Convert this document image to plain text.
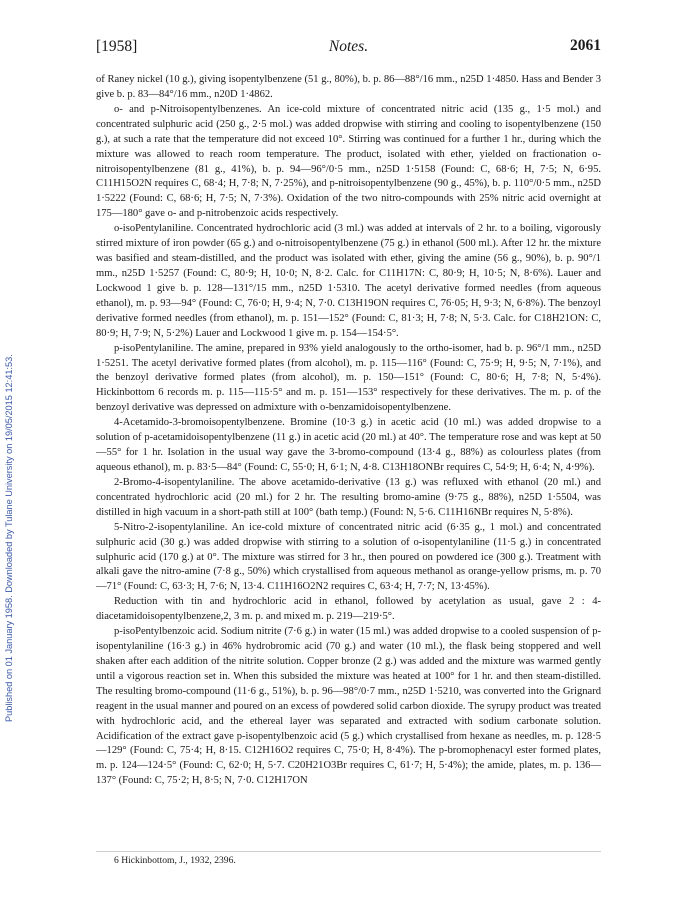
Published on 01 January 1958. Downloaded by Tulane University on 19/05/2015 12:41:53.
[1958]	Notes.	2061

of Raney nickel (10 g.), giving isopentylbenzene (51 g., 80%), b. p. 86—88°/16 mm., n25D 1·4850. Hass and Bender 3 give b. p. 83—84°/16 mm., n20D 1·4862.

o- and p-Nitroisopentylbenzenes. An ice-cold mixture of concentrated nitric acid (135 g., 1·5 mol.) and concentrated sulphuric acid (250 g., 2·5 mol.) was added dropwise with stirring and cooling to isopentylbenzene (150 g.), at such a rate that the temperature did not exceed 10°. Stirring was continued for a further 1 hr., during which the mixture was allowed to reach room temperature. The product, isolated with ether, yielded on fractionation o-nitroisopentylbenzene (81 g., 41%), b. p. 94—96°/0·5 mm., n25D 1·5158 (Found: C, 68·6; H, 7·5; N, 6·95. C11H15O2N requires C, 68·4; H, 7·8; N, 7·25%), and p-nitroisopentylbenzene (90 g., 45%), b. p. 110°/0·5 mm., n25D 1·5222 (Found: C, 68·6; H, 7·5; N, 7·3%). Oxidation of the two nitro-compounds with 25% nitric acid overnight at 175—180° gave o- and p-nitrobenzoic acids respectively.

o-isoPentylaniline. Concentrated hydrochloric acid (3 ml.) was added at intervals of 2 hr. to a boiling, vigorously stirred mixture of iron powder (65 g.) and o-nitroisopentylbenzene (75 g.) in ethanol (500 ml.). After 12 hr. the mixture was basified and steam-distilled, and the product was isolated with ether, giving the amine (56 g., 90%), b. p. 90°/1 mm., n25D 1·5257 (Found: C, 80·9; H, 10·0; N, 8·2. Calc. for C11H17N: C, 80·9; H, 10·5; N, 8·6%). Lauer and Lockwood 1 give b. p. 128—131°/15 mm., n25D 1·5310. The acetyl derivative formed needles (from aqueous ethanol), m. p. 93—94° (Found: C, 76·0; H, 9·4; N, 7·0. C13H19ON requires C, 76·05; H, 9·3; N, 6·8%). The benzoyl derivative formed needles (from ethanol), m. p. 151—152° (Found: C, 81·3; H, 7·8; N, 5·3. Calc. for C18H21ON: C, 80·9; H, 7·9; N, 5·2%) Lauer and Lockwood 1 give m. p. 154—154·5°.

p-isoPentylaniline. The amine, prepared in 93% yield analogously to the ortho-isomer, had b. p. 96°/1 mm., n25D 1·5251. The acetyl derivative formed plates (from alcohol), m. p. 115—116° (Found: C, 75·9; H, 9·5; N, 7·1%), and the benzoyl derivative formed plates (from alcohol), m. p. 150—151° (Found: C, 80·6; H, 7·8; N, 5·4%). Hickinbottom 6 records m. p. 115—115·5° and m. p. 151—153° respectively for these derivatives. The m. p. of the benzoyl derivative was depressed on admixture with o-benzamidoisopentylbenzene.

4-Acetamido-3-bromoisopentylbenzene. Bromine (10·3 g.) in acetic acid (10 ml.) was added dropwise to a solution of p-acetamidoisopentylbenzene (11 g.) in acetic acid (20 ml.) at 40°. The temperature rose and was kept at 50—55° for 1 hr. Isolation in the usual way gave the 3-bromo-compound (13·4 g., 88%) as colourless plates (from aqueous ethanol), m. p. 83·5—84° (Found: C, 55·0; H, 6·1; N, 4·8. C13H18ONBr requires C, 54·9; H, 6·4; N, 4·9%).

2-Bromo-4-isopentylaniline. The above acetamido-derivative (13 g.) was refluxed with ethanol (20 ml.) and concentrated hydrochloric acid (20 ml.) for 2 hr. The resulting bromo-amine (9·75 g., 88%), n25D 1·5504, was distilled in high vacuum in a short-path still at 100° (bath temp.) (Found: N, 5·6. C11H16NBr requires N, 5·8%).

5-Nitro-2-isopentylaniline. An ice-cold mixture of concentrated nitric acid (6·35 g., 1 mol.) and concentrated sulphuric acid (30 g.) was added dropwise with stirring to a solution of o-isopentylaniline (11·5 g.) in concentrated sulphuric acid (170 g.) at 0°. The mixture was stirred for 3 hr., then poured on powdered ice (300 g.). Treatment with alkali gave the nitro-amine (7·8 g., 50%) which crystallised from aqueous methanol as orange-yellow prisms, m. p. 70—71° (Found: C, 63·3; H, 7·6; N, 13·4. C11H16O2N2 requires C, 63·4; H, 7·7; N, 13·45%).

Reduction with tin and hydrochloric acid in ethanol, followed by acetylation as usual, gave 2 : 4-diacetamidoisopentylbenzene,2, 3 m. p. and mixed m. p. 219—219·5°.

p-isoPentylbenzoic acid. Sodium nitrite (7·6 g.) in water (15 ml.) was added dropwise to a cooled suspension of p-isopentylaniline (16·3 g.) in 46% hydrobromic acid (70 g.) and water (10 ml.), the flask being stoppered and well shaken after each addition of the nitrite solution. Copper bronze (2 g.) was added and the mixture was warmed gently until a vigorous reaction set in. When this subsided the mixture was heated at 100° for 1 hr. and then steam-distilled. The resulting bromo-compound (11·6 g., 51%), b. p. 96—98°/0·7 mm., n25D 1·5210, was converted into the Grignard reagent in the usual manner and poured on an excess of powdered solid carbon dioxide. The syrupy product was treated with hydrochloric acid, and the ethereal layer was separated and extracted with sodium carbonate solution. Acidification of the extract gave p-isopentylbenzoic acid (5 g.) which crystallised from hexane as needles, m. p. 128·5—129° (Found: C, 75·4; H, 8·15. C12H16O2 requires C, 75·0; H, 8·4%). The p-bromophenacyl ester formed plates, m. p. 124—124·5° (Found: C, 62·0; H, 5·7. C20H21O3Br requires C, 61·7; H, 5·4%); the amide, plates, m. p. 136—137° (Found: C, 75·2; H, 8·5; N, 7·0. C12H17ON

6 Hickinbottom, J., 1932, 2396.
